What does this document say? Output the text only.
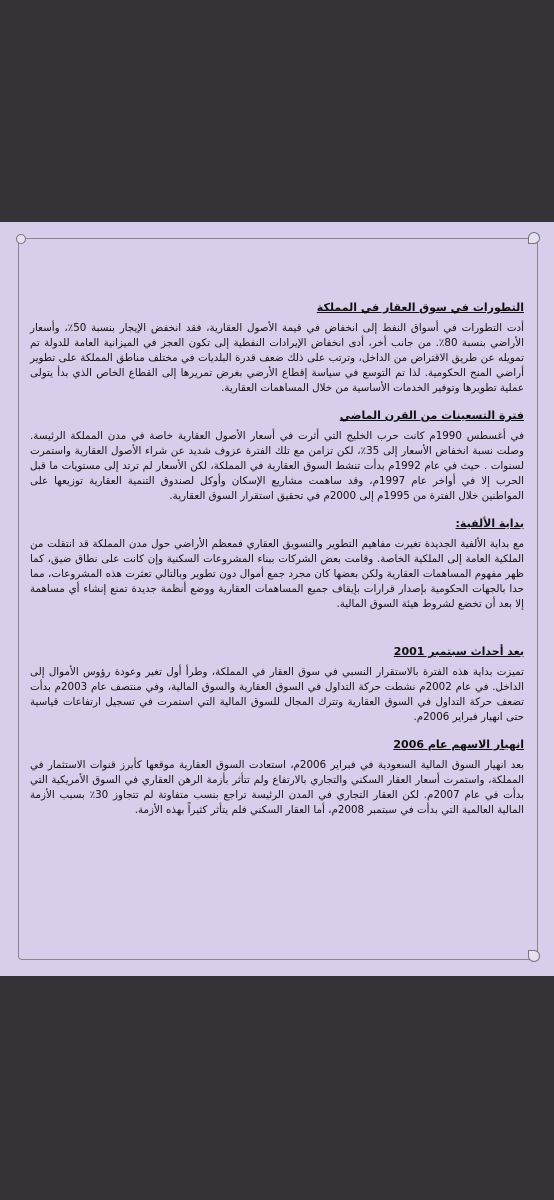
التطورات في سوق العقار في المملكة
أدت التطورات في أسواق النفط إلى انخفاض في قيمة الأصول العقارية، فقد انخفض الإيجار بنسبة 50٪، وأسعار الأراضي بنسبة 80٪. من جانب أخر، أدى انخفاض الإيرادات النفطية إلى تكون العجز في الميزانية العامة للدولة تم تمويله عن طريق الاقتراض من الداخل، وترتب على ذلك ضعف قدرة البلديات في مختلف مناطق المملكة على تطوير أراضي المنح الحكومية. لذا تم التوسع في سياسة إقطاع الأرضي بغرض تمريرها إلى القطاع الخاص الذي بدأ يتولى عملية تطويرها وتوفير الخدمات الأساسية من خلال المساهمات العقارية.
فترة التسعينات من القرن الماضي
في أغسطس 1990م كانت حرب الخليج التي أثرت في أسعار الأصول العقارية خاصة في مدن المملكة الرئيسة. وصلت نسبة انخفاض الأسعار إلى 35٪، لكن تزامن مع تلك الفترة عزوف شديد عن شراء الأصول العقارية واستمرت لسنوات . حيث في عام 1992م بدأت تنشط السوق العقارية في المملكة، لكن الأسعار لم ترتد إلى مستويات ما قبل الحرب إلا في أواخر عام 1997م، وقد ساهمت مشاريع الإسكان وأوكل لصندوق التنمية العقارية توزيعها على المواطنين خلال الفترة من 1995م إلى 2000م في تحقيق استقرار السوق العقارية.
بداية الألفية:
مع بداية الألفية الجديدة تغيرت مفاهيم التطوير والتسويق العقاري فمعظم الأراضي حول مدن المملكة قد انتقلت من الملكية العامة إلى الملكية الخاصة. وقامت بعض الشركات ببناء المشروعات السكنية وإن كانت على نطاق ضيق، كما ظهر مفهوم المساهمات العقارية ولكن بعضها كان مجرد جمع أموال دون تطوير وبالتالي تعثرت هذه المشروعات، مما حدا بالجهات الحكومية بإصدار قرارات بإيقاف جميع المساهمات العقارية ووضع أنظمة جديدة تمنع إنشاء أي مساهمة إلا بعد أن تخضع لشروط هيئة السوق المالية.
بعد أحداث سبتمبر 2001
تميزت بداية هذه الفترة بالاستقرار النسبي في سوق العقار في المملكة، وطرأ أول تغير وعودة رؤوس الأموال إلى الداخل. في عام 2002م نشطت حركة التداول في السوق العقارية والسوق المالية، وفي منتصف عام 2003م بدأت تضعف حركة التداول في السوق العقارية وتترك المجال للسوق المالية التي استمرت في تسجيل ارتفاعات قياسية حتى انهيار فبراير 2006م.
انهيار الاسهم عام 2006
بعد انهيار السوق المالية السعودية في فبراير 2006م، استعادت السوق العقارية موقعها كأبرز قنوات الاستثمار في المملكة، واستمرت أسعار العقار السكني والتجاري بالارتفاع ولم تتأثر بأزمة الرهن العقاري في السوق الأمريكية التي بدأت في عام 2007م. لكن العقار التجاري في المدن الرئيسة تراجع بنسب متفاوتة لم تتجاوز 30٪ بسبب الأزمة المالية العالمية التي بدأت في سبتمبر 2008م، أما العقار السكني فلم يتأثر كثيراً بهذه الأزمة.
